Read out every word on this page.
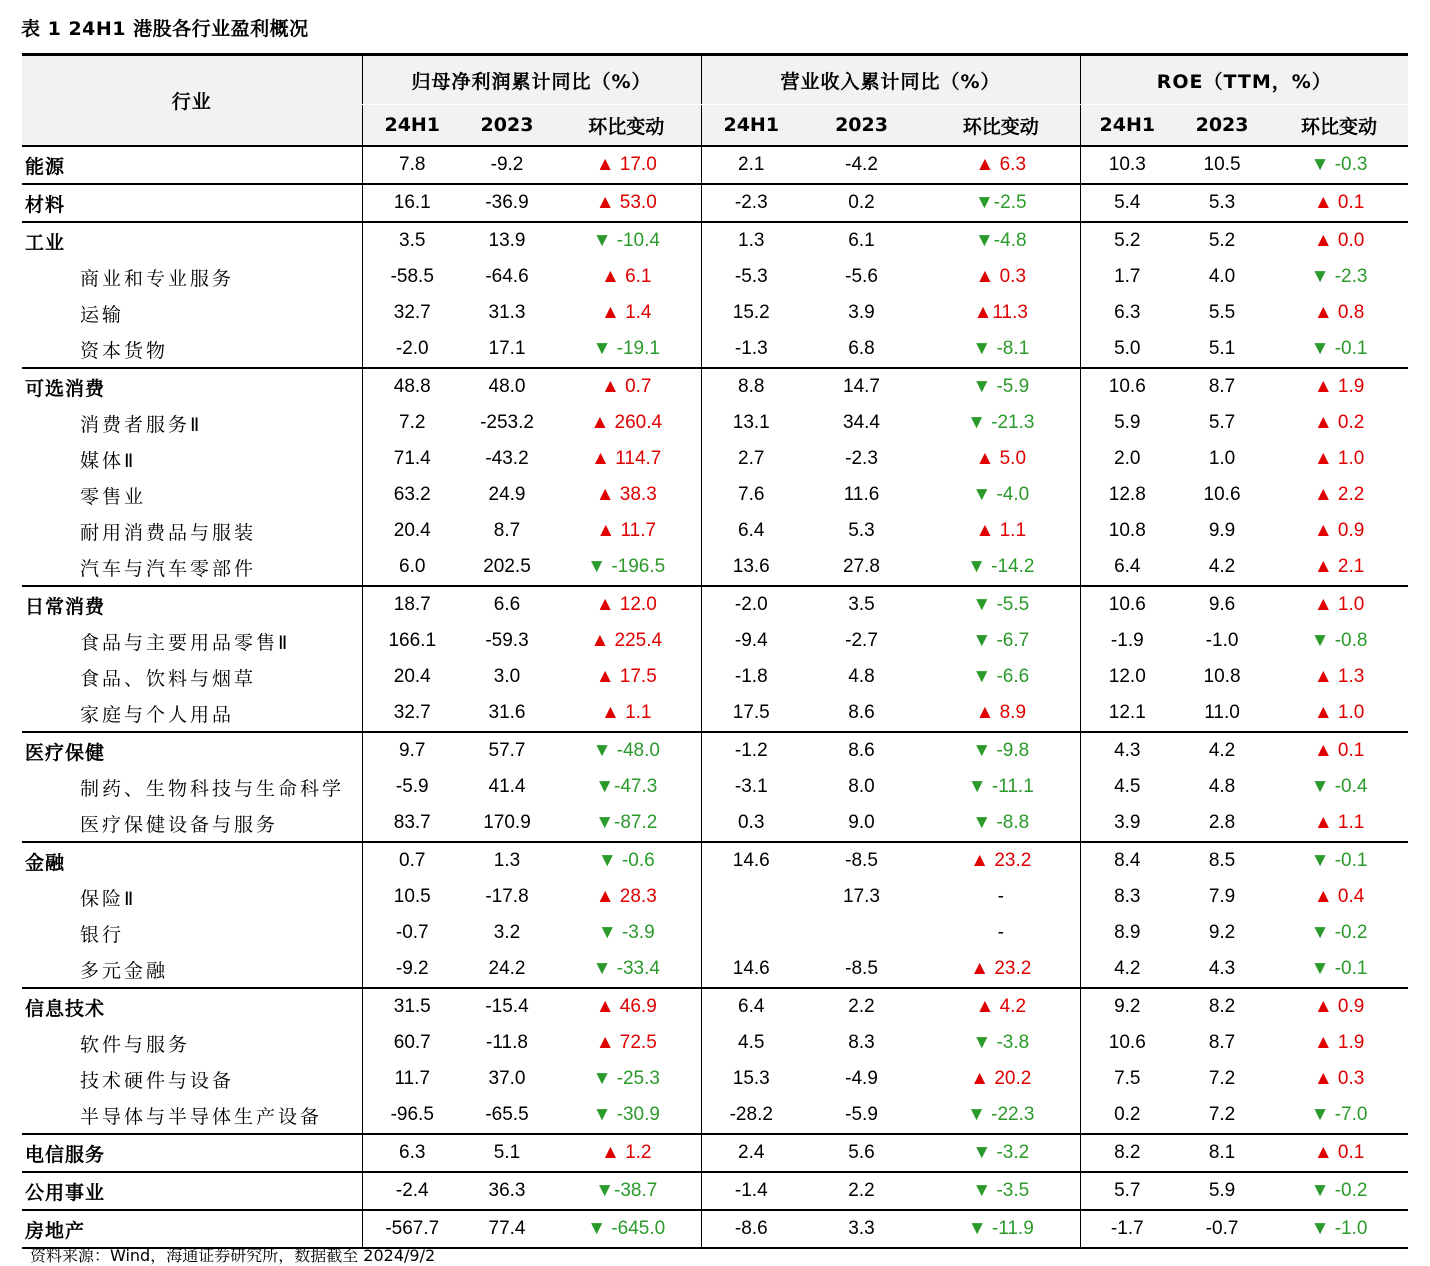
表 1 24H1 港股各行业盈利概况
行业	归母净利润累计同比（%）			营业收入累计同比（%）			ROE（TTM，%）		
	24H1	2023	环比变动	24H1	2023	环比变动	24H1	2023	环比变动
能源	7.8	-9.2	▲ 17.0	2.1	-4.2	▲ 6.3	10.3	10.5	▼ -0.3
材料	16.1	-36.9	▲ 53.0	-2.3	0.2	▼-2.5	5.4	5.3	▲ 0.1
工业	3.5	13.9	▼ -10.4	1.3	6.1	▼-4.8	5.2	5.2	▲ 0.0
商业和专业服务	-58.5	-64.6	▲ 6.1	-5.3	-5.6	▲ 0.3	1.7	4.0	▼ -2.3
运输	32.7	31.3	▲ 1.4	15.2	3.9	▲11.3	6.3	5.5	▲ 0.8
资本货物	-2.0	17.1	▼ -19.1	-1.3	6.8	▼ -8.1	5.0	5.1	▼ -0.1
可选消费	48.8	48.0	▲ 0.7	8.8	14.7	▼ -5.9	10.6	8.7	▲ 1.9
消费者服务Ⅱ	7.2	-253.2	▲ 260.4	13.1	34.4	▼ -21.3	5.9	5.7	▲ 0.2
媒体Ⅱ	71.4	-43.2	▲ 114.7	2.7	-2.3	▲ 5.0	2.0	1.0	▲ 1.0
零售业	63.2	24.9	▲ 38.3	7.6	11.6	▼ -4.0	12.8	10.6	▲ 2.2
耐用消费品与服装	20.4	8.7	▲ 11.7	6.4	5.3	▲ 1.1	10.8	9.9	▲ 0.9
汽车与汽车零部件	6.0	202.5	▼ -196.5	13.6	27.8	▼ -14.2	6.4	4.2	▲ 2.1
日常消费	18.7	6.6	▲ 12.0	-2.0	3.5	▼ -5.5	10.6	9.6	▲ 1.0
食品与主要用品零售Ⅱ	166.1	-59.3	▲ 225.4	-9.4	-2.7	▼ -6.7	-1.9	-1.0	▼ -0.8
食品、饮料与烟草	20.4	3.0	▲ 17.5	-1.8	4.8	▼ -6.6	12.0	10.8	▲ 1.3
家庭与个人用品	32.7	31.6	▲ 1.1	17.5	8.6	▲ 8.9	12.1	11.0	▲ 1.0
医疗保健	9.7	57.7	▼ -48.0	-1.2	8.6	▼ -9.8	4.3	4.2	▲ 0.1
制药、生物科技与生命科学	-5.9	41.4	▼-47.3	-3.1	8.0	▼ -11.1	4.5	4.8	▼ -0.4
医疗保健设备与服务	83.7	170.9	▼-87.2	0.3	9.0	▼ -8.8	3.9	2.8	▲ 1.1
金融	0.7	1.3	▼ -0.6	14.6	-8.5	▲ 23.2	8.4	8.5	▼ -0.1
保险Ⅱ	10.5	-17.8	▲ 28.3		17.3	-	8.3	7.9	▲ 0.4
银行	-0.7	3.2	▼ -3.9			-	8.9	9.2	▼ -0.2
多元金融	-9.2	24.2	▼ -33.4	14.6	-8.5	▲ 23.2	4.2	4.3	▼ -0.1
信息技术	31.5	-15.4	▲ 46.9	6.4	2.2	▲ 4.2	9.2	8.2	▲ 0.9
软件与服务	60.7	-11.8	▲ 72.5	4.5	8.3	▼ -3.8	10.6	8.7	▲ 1.9
技术硬件与设备	11.7	37.0	▼ -25.3	15.3	-4.9	▲ 20.2	7.5	7.2	▲ 0.3
半导体与半导体生产设备	-96.5	-65.5	▼ -30.9	-28.2	-5.9	▼ -22.3	0.2	7.2	▼ -7.0
电信服务	6.3	5.1	▲ 1.2	2.4	5.6	▼ -3.2	8.2	8.1	▲ 0.1
公用事业	-2.4	36.3	▼-38.7	-1.4	2.2	▼ -3.5	5.7	5.9	▼ -0.2
房地产	-567.7	77.4	▼ -645.0	-8.6	3.3	▼ -11.9	-1.7	-0.7	▼ -1.0
资料来源：Wind，海通证券研究所，数据截至 2024/9/2
